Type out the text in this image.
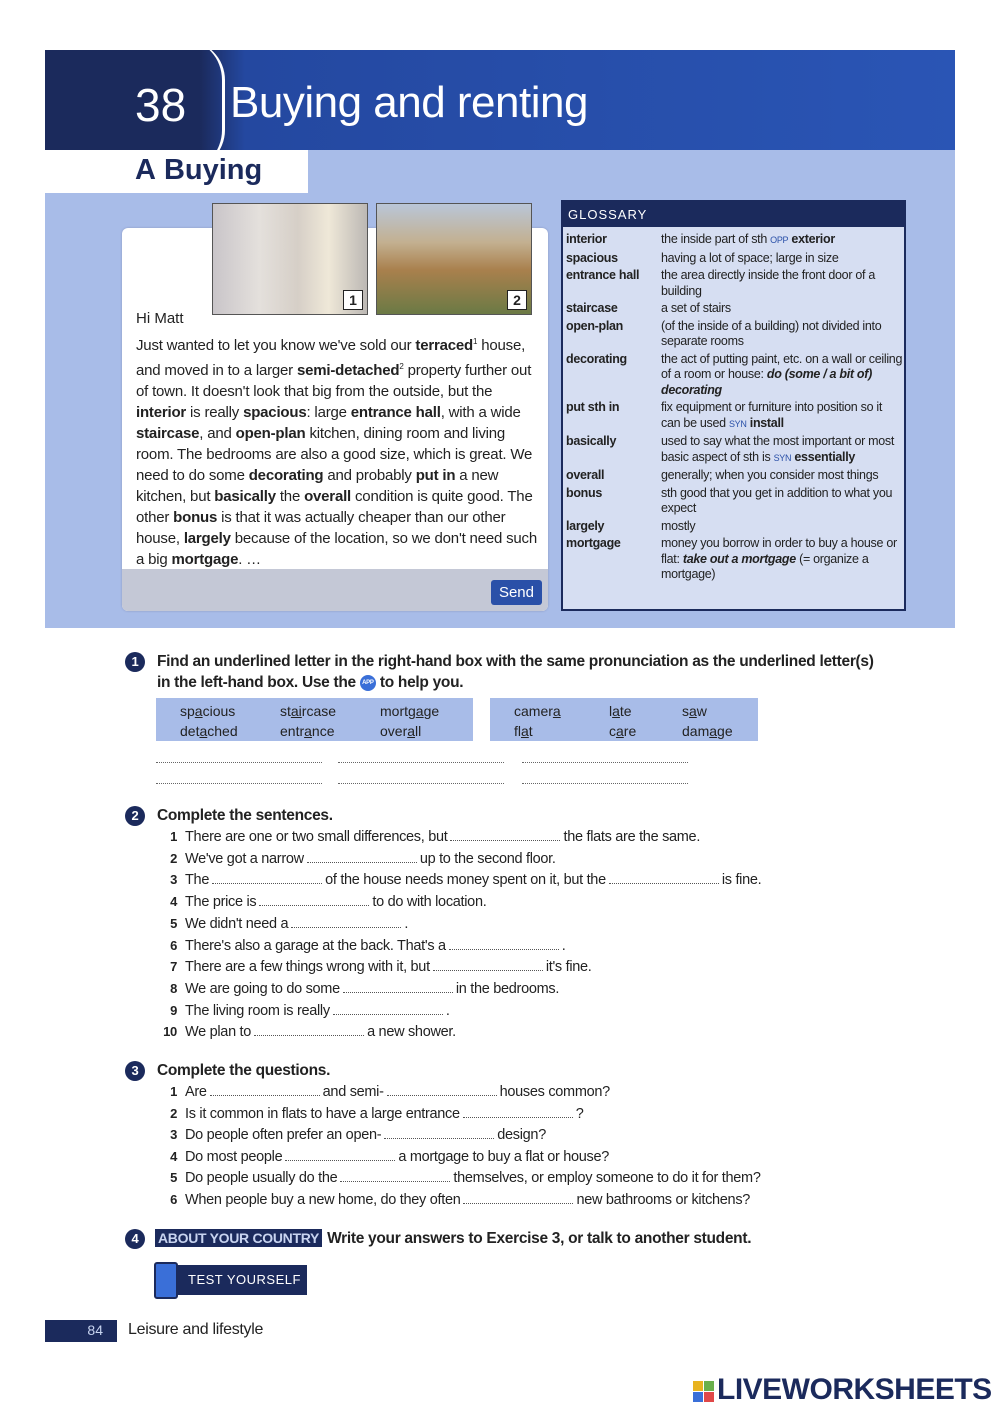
38 Buying and renting
A Buying
Send
1	2
Hi Matt
Just wanted to let you know we've sold our terraced$^1$ house, and moved in to a larger semi-detached$^2$ property further out of town. It doesn't look that big from the outside, but the interior is really spacious: large entrance hall, with a wide staircase, and open-plan kitchen, dining room and living room. The bedrooms are also a good size, which is great. We need to do some decorating and probably put in a new kitchen, but basically the overall condition is quite good. The other bonus is that it was actually cheaper than our other house, largely because of the location, so we don't need such a big mortgage. …
GLOSSARY
interior	the inside part of sth OPP exterior
spacious	having a lot of space; large in size
entrance hall	the area directly inside the front door of a building
staircase	a set of stairs
open-plan	(of the inside of a building) not divided into separate rooms
decorating	the act of putting paint, etc. on a wall or ceiling of a room or house: do (some / a bit of) decorating
put sth in	fix equipment or furniture into position so it can be used SYN install
basically	used to say what the most important or most basic aspect of sth is SYN essentially
overall	generally; when you consider most things
bonus	sth good that you get in addition to what you expect
largely	mostly
mortgage	money you borrow in order to buy a house or flat: take out a mortgage (= organize a mortgage)
1 Find an underlined letter in the right-hand box with the same pronunciation as the underlined letter(s) in the left-hand box. Use the APP to help you.
spacious	staircase	mortgage
detached	entrance	overall
camera	late	saw
flat	care	damage
2 Complete the sentences.
1 There are one or two small differences, but	the flats are the same.
2 We've got a narrow	up to the second floor.
3 The	of the house needs money spent on it, but the	is fine.
4 The price is	to do with location.
5 We didn't need a	.
6 There's also a garage at the back. That's a	.
7 There are a few things wrong with it, but	it's fine.
8 We are going to do some	in the bedrooms.
9 The living room is really	.
10 We plan to	a new shower.
3 Complete the questions.
1 Are	and semi-	houses common?
2 Is it common in flats to have a large entrance	?
3 Do people often prefer an open-	design?
4 Do most people	a mortgage to buy a flat or house?
5 Do people usually do the	themselves, or employ someone to do it for them?
6 When people buy a new home, do they often	new bathrooms or kitchens?
4 ABOUT YOUR COUNTRY Write your answers to Exercise 3, or talk to another student.
TEST YOURSELF
84	Leisure and lifestyle
LIVEWORKSHEETS
